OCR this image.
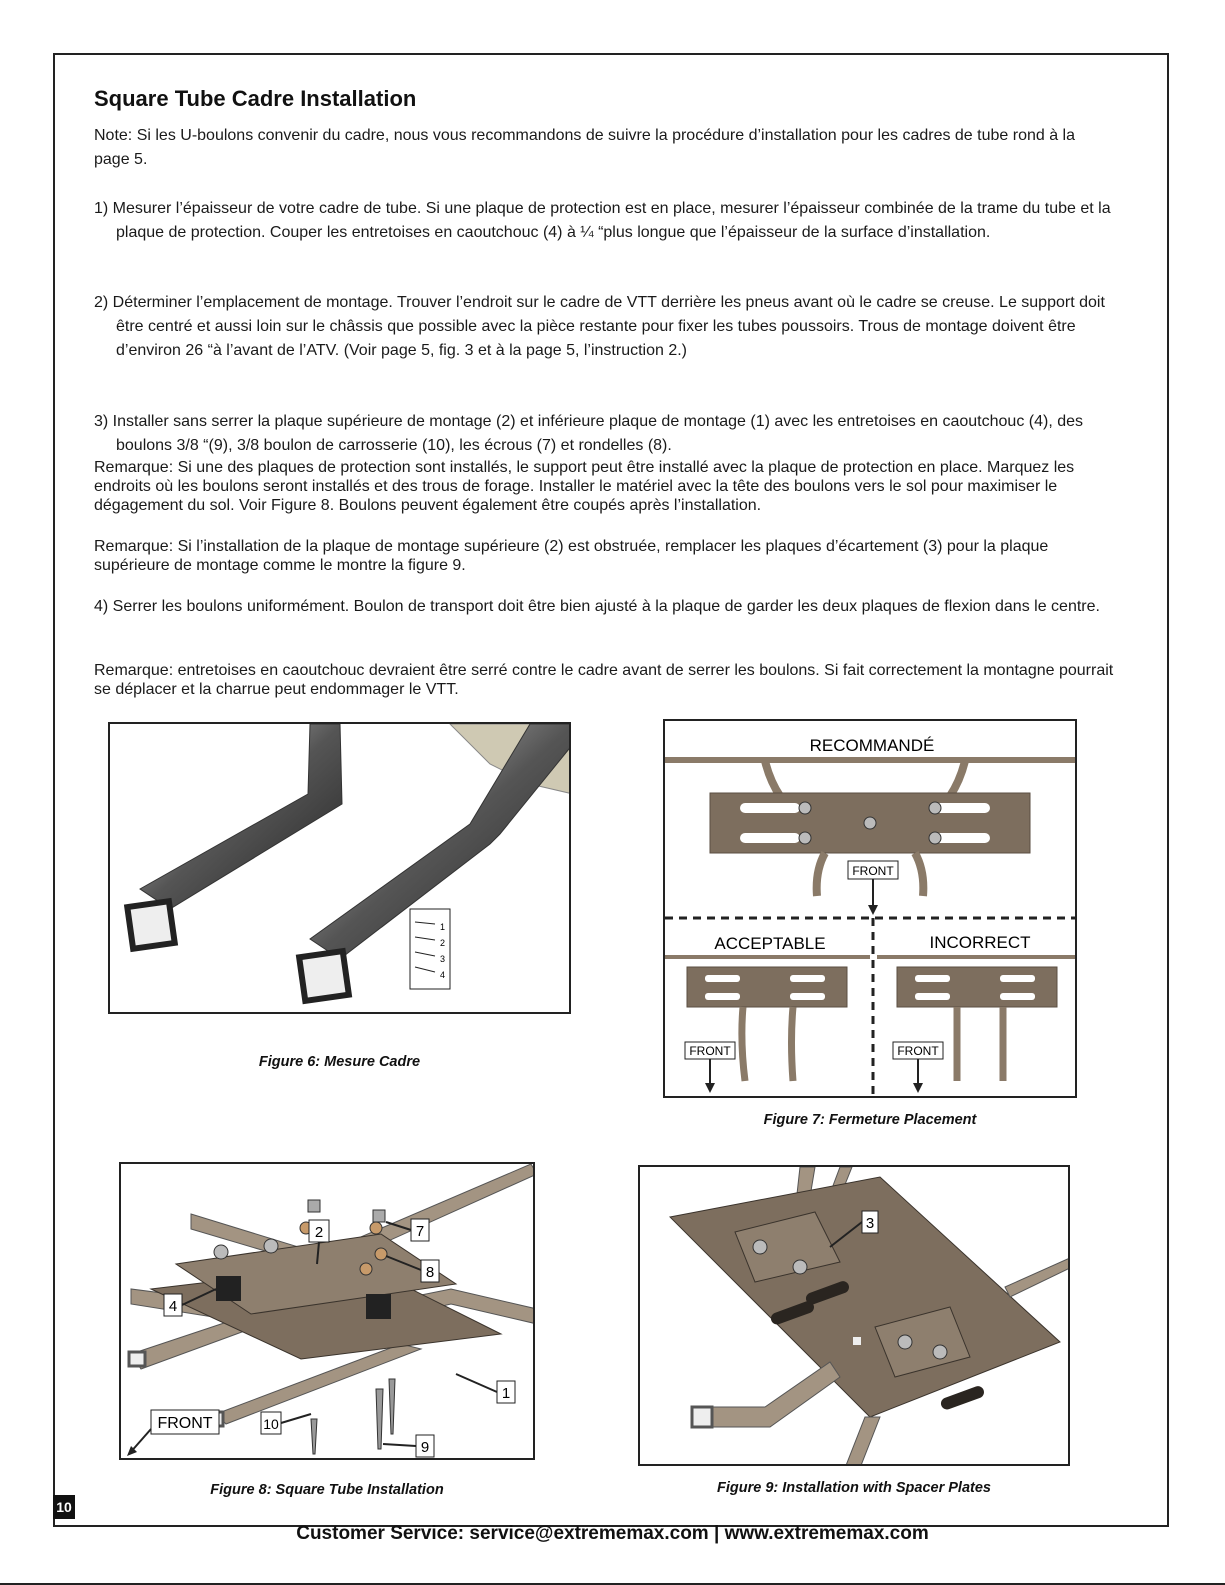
Square Tube Cadre Installation

Note: Si les U-boulons convenir du cadre, nous vous recommandons de suivre la procédure d’installation pour les cadres de tube rond à la page 5.

1) Mesurer l’épaisseur de votre cadre de tube. Si une plaque de protection est en place, mesurer l’épaisseur combinée de la trame du tube et la plaque de protection. Couper les entretoises en caoutchouc (4) à ¼ “plus longue que l’épaisseur de la surface d’installation.

2) Déterminer l’emplacement de montage. Trouver l’endroit sur le cadre de VTT derrière les pneus avant où le cadre se creuse. Le support doit être centré et aussi loin sur le châssis que possible avec la pièce restante pour fixer les tubes poussoirs. Trous de montage doivent être d’environ 26 “à l’avant de l’ATV. (Voir page 5, fig. 3 et à la page 5, l’instruction 2.)

3) Installer sans serrer la plaque supérieure de montage (2) et inférieure plaque de montage (1) avec les entretoises en caoutchouc (4), des boulons 3/8 “(9), 3/8 boulon de carrosserie (10), les écrous (7) et rondelles (8).

Remarque: Si une des plaques de protection sont installés, le support peut être installé avec la plaque de protection en place. Marquez les endroits où les boulons seront installés et des trous de forage. Installer le matériel avec la tête des boulons vers le sol pour maximiser le dégagement du sol. Voir Figure 8. Boulons peuvent également être coupés après l’installation.

Remarque: Si l’installation de la plaque de montage supérieure (2) est obstruée, remplacer les plaques d’écartement (3) pour la plaque supérieure de montage comme le montre la figure 9.

4) Serrer les boulons uniformément. Boulon de transport doit être bien ajusté à la plaque de garder les deux plaques de flexion dans le centre.

Remarque: entretoises en caoutchouc devraient être serré contre le cadre avant de serrer les boulons. Si fait correctement la montagne pourrait se déplacer et la charrue peut endommager le VTT.

1
2
3
4
Figure 6: Mesure Cadre
RECOMMANDÉ
FRONT
ACCEPTABLE	INCORRECT
FRONT	FRONT
Figure 7: Fermeture Placement
2	7
8
4
1
10
9
FRONT
Figure 8: Square Tube Installation
3
Figure 9: Installation with Spacer Plates
10
Customer Service: service@extrememax.com | www.extrememax.com
